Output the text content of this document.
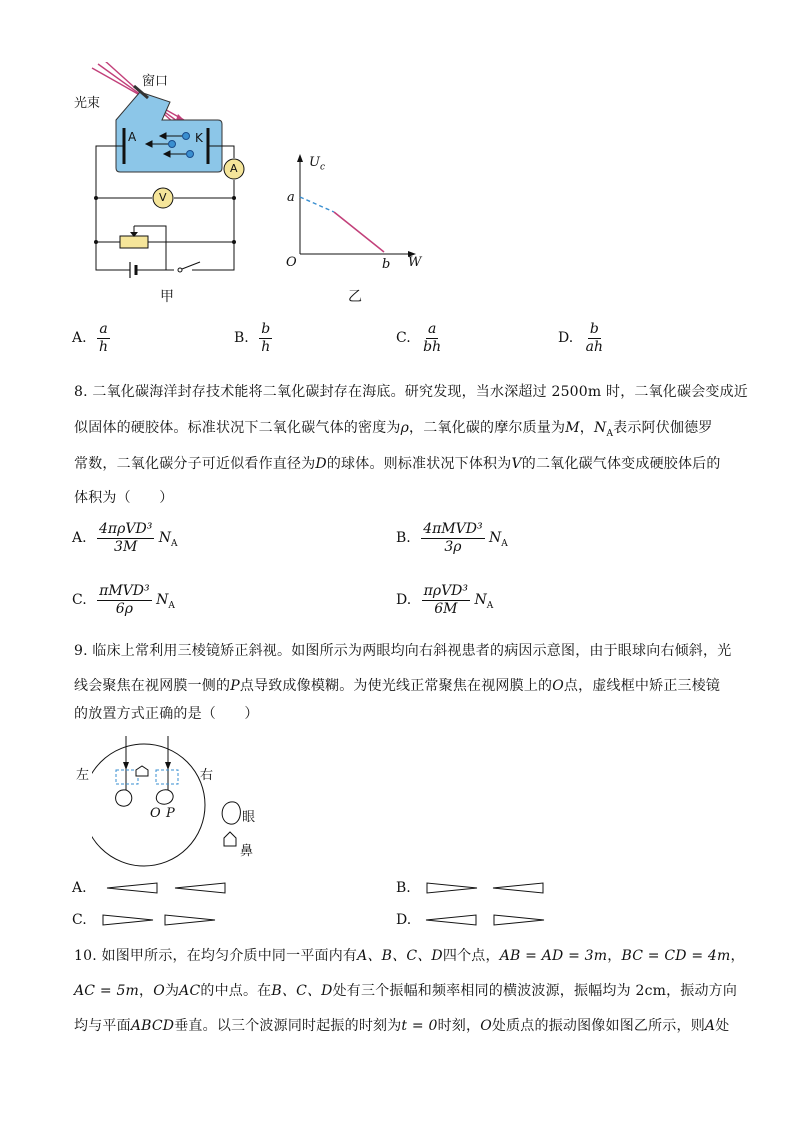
光束
窗口
A	K
A
V
甲
$U_c$
a
O	b W
乙
A. $\frac{a}{h}$	B. $\frac{b}{h}$	C. $\frac{a}{bh}$	D. $\frac{b}{ah}$
8. 二氧化碳海洋封存技术能将二氧化碳封存在海底。研究发现，当水深超过 2500m 时，二氧化碳会变成近
似固体的硬胶体。标准状况下二氧化碳气体的密度为ρ，二氧化碳的摩尔质量为M，$N_A$表示阿伏伽德罗
常数，二氧化碳分子可近似看作直径为D的球体。则标准状况下体积为V的二氧化碳气体变成硬胶体后的
体积为（　　）
A. $\frac{\text{4πρVD³}}{3M} N_A$	B. $\frac{\text{4πMVD³}}{3\rho} N_A$
C. $\frac{\text{πMVD³}}{6\rho} N_A$	D. $\frac{\text{πρVD³}}{6M} N_A$
9. 临床上常利用三棱镜矫正斜视。如图所示为两眼均向右斜视患者的病因示意图，由于眼球向右倾斜，光
线会聚焦在视网膜一侧的P点导致成像模糊。为使光线正常聚焦在视网膜上的O点，虚线框中矫正三棱镜
的放置方式正确的是（　　）
左	右
O P	眼
鼻
A.	B.
C.	D.
10. 如图甲所示，在均匀介质中同一平面内有A、B、C、D四个点，AB = AD = 3m，BC = CD = 4m，
AC = 5m，O为AC的中点。在B、C、D处有三个振幅和频率相同的横波波源，振幅均为 2cm，振动方向
均与平面ABCD垂直。以三个波源同时起振的时刻为t = 0时刻，O处质点的振动图像如图乙所示，则A处
